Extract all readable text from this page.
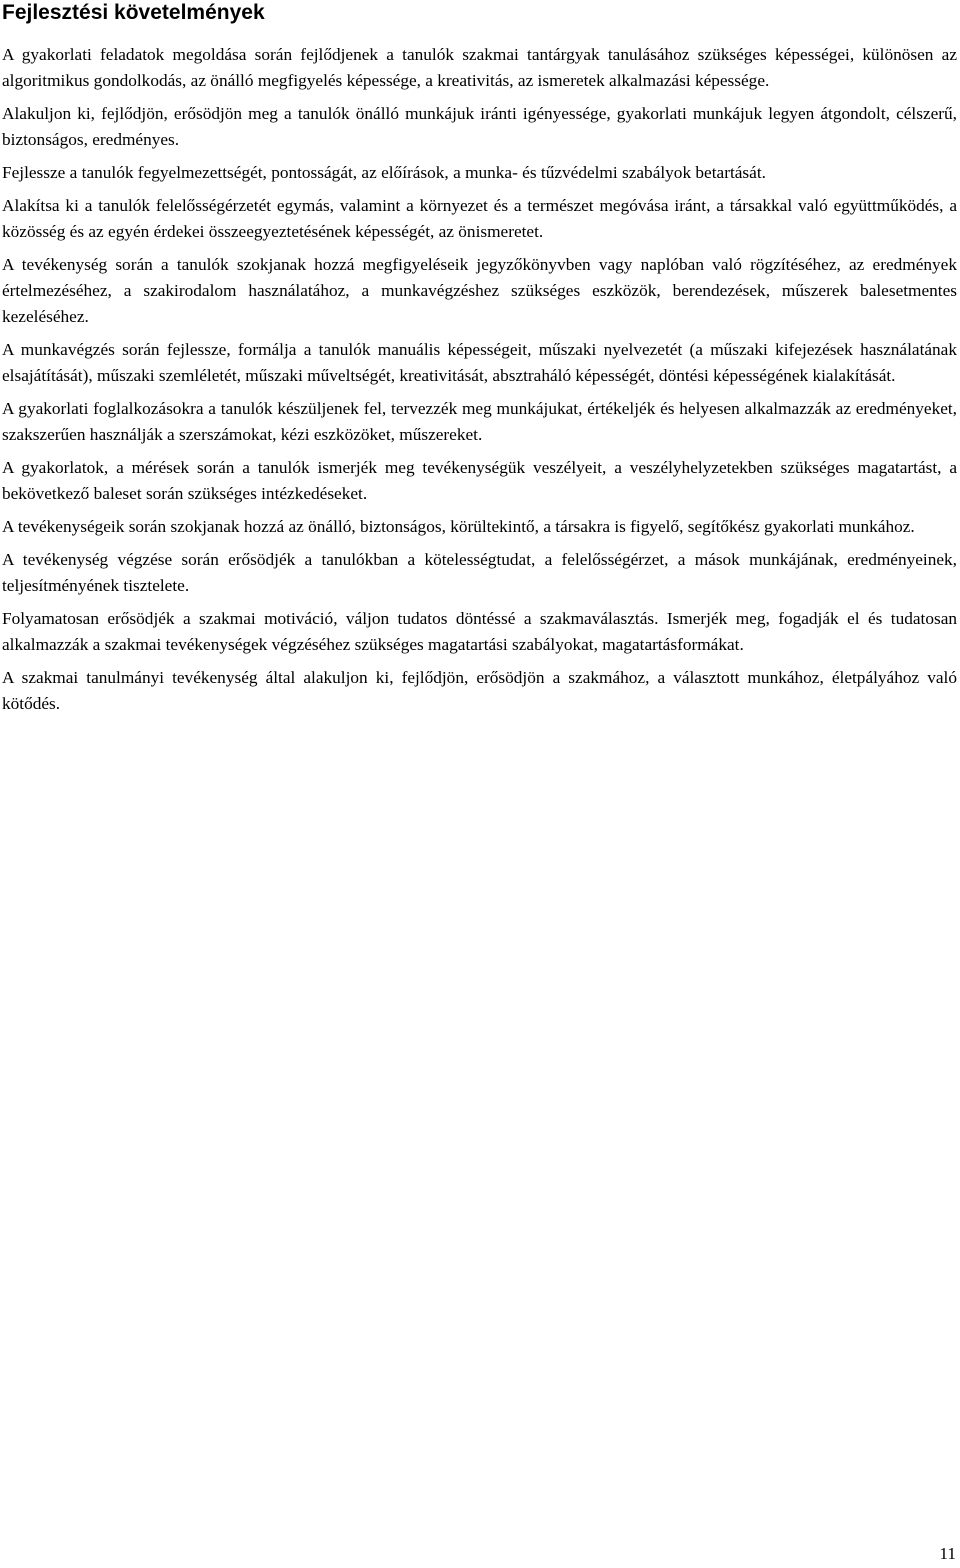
Fejlesztési követelmények

A gyakorlati feladatok megoldása során fejlődjenek a tanulók szakmai tantárgyak tanulásához szükséges képességei, különösen az algoritmikus gondolkodás, az önálló megfigyelés képessége, a kreativitás, az ismeretek alkalmazási képessége.

Alakuljon ki, fejlődjön, erősödjön meg a tanulók önálló munkájuk iránti igényessége, gyakorlati munkájuk legyen átgondolt, célszerű, biztonságos, eredményes.

Fejlessze a tanulók fegyelmezettségét, pontosságát, az előírások, a munka- és tűzvédelmi szabályok betartását.

Alakítsa ki a tanulók felelősségérzetét egymás, valamint a környezet és a természet megóvása iránt, a társakkal való együttműködés, a közösség és az egyén érdekei összeegyeztetésének képességét, az önismeretet.

A tevékenység során a tanulók szokjanak hozzá megfigyeléseik jegyzőkönyvben vagy naplóban való rögzítéséhez, az eredmények értelmezéséhez, a szakirodalom használatához, a munkavégzéshez szükséges eszközök, berendezések, műszerek balesetmentes kezeléséhez.

A munkavégzés során fejlessze, formálja a tanulók manuális képességeit, műszaki nyelvezetét (a műszaki kifejezések használatának elsajátítását), műszaki szemléletét, műszaki műveltségét, kreativitását, absztraháló képességét, döntési képességének kialakítását.

A gyakorlati foglalkozásokra a tanulók készüljenek fel, tervezzék meg munkájukat, értékeljék és helyesen alkalmazzák az eredményeket, szakszerűen használják a szerszámokat, kézi eszközöket, műszereket.

A gyakorlatok, a mérések során a tanulók ismerjék meg tevékenységük veszélyeit, a veszélyhelyzetekben szükséges magatartást, a bekövetkező baleset során szükséges intézkedéseket.

A tevékenységeik során szokjanak hozzá az önálló, biztonságos, körültekintő, a társakra is figyelő, segítőkész gyakorlati munkához.

A tevékenység végzése során erősödjék a tanulókban a kötelességtudat, a felelősségérzet, a mások munkájának, eredményeinek, teljesítményének tisztelete.

Folyamatosan erősödjék a szakmai motiváció, váljon tudatos döntéssé a szakmaválasztás. Ismerjék meg, fogadják el és tudatosan alkalmazzák a szakmai tevékenységek végzéséhez szükséges magatartási szabályokat, magatartásformákat.

A szakmai tanulmányi tevékenység által alakuljon ki, fejlődjön, erősödjön a szakmához, a választott munkához, életpályához való kötődés.

11
